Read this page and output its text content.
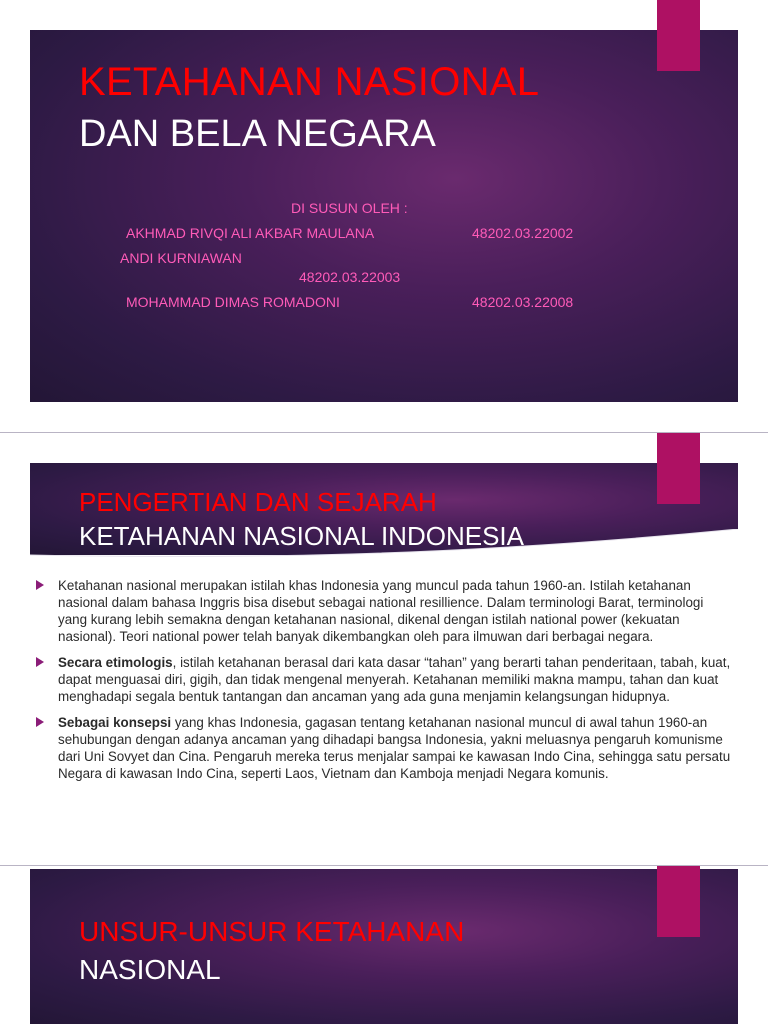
KETAHANAN NASIONAL
DAN BELA NEGARA
DI SUSUN OLEH :
AKHMAD RIVQI ALI AKBAR MAULANA	48202.03.22002
ANDI KURNIAWAN
48202.03.22003
MOHAMMAD DIMAS ROMADONI	48202.03.22008
PENGERTIAN DAN SEJARAH
KETAHANAN NASIONAL INDONESIA
Ketahanan nasional merupakan istilah khas Indonesia yang muncul pada tahun 1960-an. Istilah ketahanan nasional dalam bahasa Inggris bisa disebut sebagai national resillience. Dalam terminologi Barat, terminologi yang kurang lebih semakna dengan ketahanan nasional, dikenal dengan istilah national power (kekuatan nasional). Teori national power telah banyak dikembangkan oleh para ilmuwan dari berbagai negara.
Secara etimologis, istilah ketahanan berasal dari kata dasar “tahan” yang berarti tahan penderitaan, tabah, kuat, dapat menguasai diri, gigih, dan tidak mengenal menyerah. Ketahanan memiliki makna mampu, tahan dan kuat menghadapi segala bentuk tantangan dan ancaman yang ada guna menjamin kelangsungan hidupnya.
Sebagai konsepsi yang khas Indonesia, gagasan tentang ketahanan nasional muncul di awal tahun 1960-an sehubungan dengan adanya ancaman yang dihadapi bangsa Indonesia, yakni meluasnya pengaruh komunisme dari Uni Sovyet dan Cina. Pengaruh mereka terus menjalar sampai ke kawasan Indo Cina, sehingga satu persatu Negara di kawasan Indo Cina, seperti Laos, Vietnam dan Kamboja menjadi Negara komunis.
UNSUR-UNSUR KETAHANAN
NASIONAL
